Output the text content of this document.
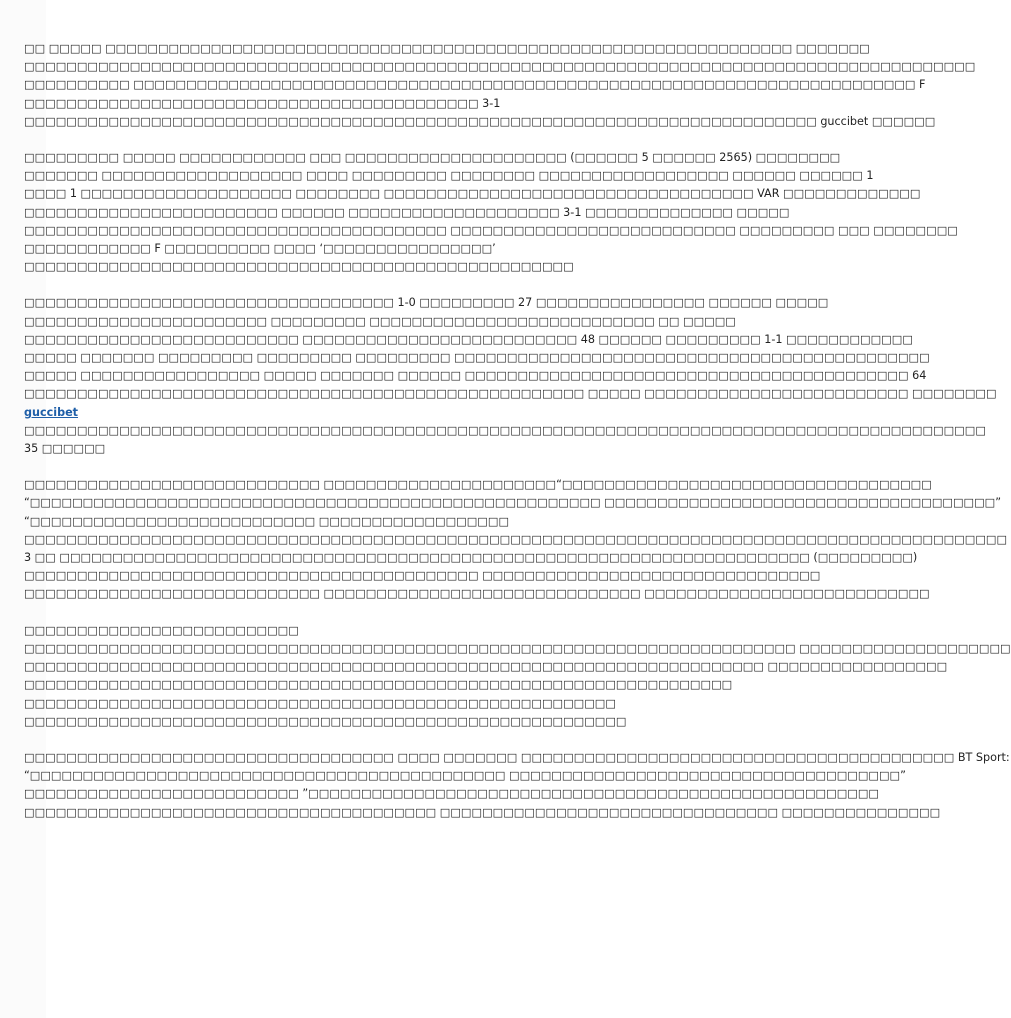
□□ □□□□□ □□□□□□□□□□□□□□□□□□□□□□□□□□□□□□□□□□□□□□□□□□□□□□□□□□□□□□□□□□□□□□□□□ □□□□□□□
□□□□□□□□□□□□□□□□□□□□□□□□□□□□□□□□□□□□□□□□□□□□□□□□□□□□□□□□□□□□□□□□□□□□□□□□□□□□□□□□□□□□□□□□□□
□□□□□□□□□□ □□□□□□□□□□□□□□□□□□□□□□□□□□□□□□□□□□□□□□□□□□□□□□□□□□□□□□□□□□□□□□□□□□□□□□□□□□ F
□□□□□□□□□□□□□□□□□□□□□□□□□□□□□□□□□□□□□□□□□□□ 3-1
□□□□□□□□□□□□□□□□□□□□□□□□□□□□□□□□□□□□□□□□□□□□□□□□□□□□□□□□□□□□□□□□□□□□□□□□□□□ guccibet □□□□□□
□□□□□□□□□ □□□□□ □□□□□□□□□□□□ □□□ □□□□□□□□□□□□□□□□□□□□□ (□□□□□□ 5 □□□□□□ 2565) □□□□□□□□
□□□□□□□ □□□□□□□□□□□□□□□□□□□ □□□□ □□□□□□□□□ □□□□□□□□ □□□□□□□□□□□□□□□□□□ □□□□□□ □□□□□□ 1
□□□□ 1 □□□□□□□□□□□□□□□□□□□□ □□□□□□□□ □□□□□□□□□□□□□□□□□□□□□□□□□□□□□□□□□□□ VAR □□□□□□□□□□□□□
□□□□□□□□□□□□□□□□□□□□□□□□ □□□□□□ □□□□□□□□□□□□□□□□□□□□ 3-1 □□□□□□□□□□□□□□ □□□□□
□□□□□□□□□□□□□□□□□□□□□□□□□□□□□□□□□□□□□□□□ □□□□□□□□□□□□□□□□□□□□□□□□□□□ □□□□□□□□□ □□□ □□□□□□□□
□□□□□□□□□□□□ F □□□□□□□□□□ □□□□ ‘□□□□□□□□□□□□□□□□’
□□□□□□□□□□□□□□□□□□□□□□□□□□□□□□□□□□□□□□□□□□□□□□□□□□□□
□□□□□□□□□□□□□□□□□□□□□□□□□□□□□□□□□□□ 1-0 □□□□□□□□□ 27 □□□□□□□□□□□□□□□□ □□□□□□ □□□□□
□□□□□□□□□□□□□□□□□□□□□□□ □□□□□□□□□ □□□□□□□□□□□□□□□□□□□□□□□□□□□ □□ □□□□□
□□□□□□□□□□□□□□□□□□□□□□□□□□ □□□□□□□□□□□□□□□□□□□□□□□□□□ 48 □□□□□□ □□□□□□□□□ 1-1 □□□□□□□□□□□□
□□□□□ □□□□□□□ □□□□□□□□□ □□□□□□□□□ □□□□□□□□□ □□□□□□□□□□□□□□□□□□□□□□□□□□□□□□□□□□□□□□□□□□□□□
□□□□□ □□□□□□□□□□□□□□□□□ □□□□□ □□□□□□□ □□□□□□ □□□□□□□□□□□□□□□□□□□□□□□□□□□□□□□□□□□□□□□□□□ 64
□□□□□□□□□□□□□□□□□□□□□□□□□□□□□□□□□□□□□□□□□□□□□□□□□□□□□ □□□□□ □□□□□□□□□□□□□□□□□□□□□□□□□ □□□□□□□□
guccibet
□□□□□□□□□□□□□□□□□□□□□□□□□□□□□□□□□□□□□□□□□□□□□□□□□□□□□□□□□□□□□□□□□□□□□□□□□□□□□□□□□□□□□□□□□□□
35 □□□□□□
□□□□□□□□□□□□□□□□□□□□□□□□□□□□ □□□□□□□□□□□□□□□□□□□□□□“□□□□□□□□□□□□□□□□□□□□□□□□□□□□□□□□□□□
“□□□□□□□□□□□□□□□□□□□□□□□□□□□□□□□□□□□□□□□□□□□□□□□□□□□□□□ □□□□□□□□□□□□□□□□□□□□□□□□□□□□□□□□□□□□□”
“□□□□□□□□□□□□□□□□□□□□□□□□□□□ □□□□□□□□□□□□□□□□□□
□□□□□□□□□□□□□□□□□□□□□□□□□□□□□□□□□□□□□□□□□□□□□□□□□□□□□□□□□□□□□□□□□□□□□□□□□□□□□□□□□□□□□□□□□□□□□
3 □□ □□□□□□□□□□□□□□□□□□□□□□□□□□□□□□□□□□□□□□□□□□□□□□□□□□□□□□□□□□□□□□□□□□□□□□□ (□□□□□□□□□)
□□□□□□□□□□□□□□□□□□□□□□□□□□□□□□□□□□□□□□□□□□□ □□□□□□□□□□□□□□□□□□□□□□□□□□□□□□□□
□□□□□□□□□□□□□□□□□□□□□□□□□□□□ □□□□□□□□□□□□□□□□□□□□□□□□□□□□□□ □□□□□□□□□□□□□□□□□□□□□□□□□□□
□□□□□□□□□□□□□□□□□□□□□□□□□□
□□□□□□□□□□□□□□□□□□□□□□□□□□□□□□□□□□□□□□□□□□□□□□□□□□□□□□□□□□□□□□□□□□□□□□□□□ □□□□□□□□□□□□□□□□□□□□
□□□□□□□□□□□□□□□□□□□□□□□□□□□□□□□□□□□□□□□□□□□□□□□□□□□□□□□□□□□□□□□□□□□□□□ □□□□□□□□□□□□□□□□□
□□□□□□□□□□□□□□□□□□□□□□□□□□□□□□□□□□□□□□□□□□□□□□□□□□□□□□□□□□□□□□□□□□□
□□□□□□□□□□□□□□□□□□□□□□□□□□□□□□□□□□□□□□□□□□□□□□□□□□□□□□□□
□□□□□□□□□□□□□□□□□□□□□□□□□□□□□□□□□□□□□□□□□□□□□□□□□□□□□□□□□
□□□□□□□□□□□□□□□□□□□□□□□□□□□□□□□□□□□ □□□□ □□□□□□□ □□□□□□□□□□□□□□□□□□□□□□□□□□□□□□□□□□□□□□□□□ BT Sport:
“□□□□□□□□□□□□□□□□□□□□□□□□□□□□□□□□□□□□□□□□□□□□□ □□□□□□□□□□□□□□□□□□□□□□□□□□□□□□□□□□□□□”
□□□□□□□□□□□□□□□□□□□□□□□□□□ ”□□□□□□□□□□□□□□□□□□□□□□□□□□□□□□□□□□□□□□□□□□□□□□□□□□□□□□
□□□□□□□□□□□□□□□□□□□□□□□□□□□□□□□□□□□□□□□ □□□□□□□□□□□□□□□□□□□□□□□□□□□□□□□□ □□□□□□□□□□□□□□□
